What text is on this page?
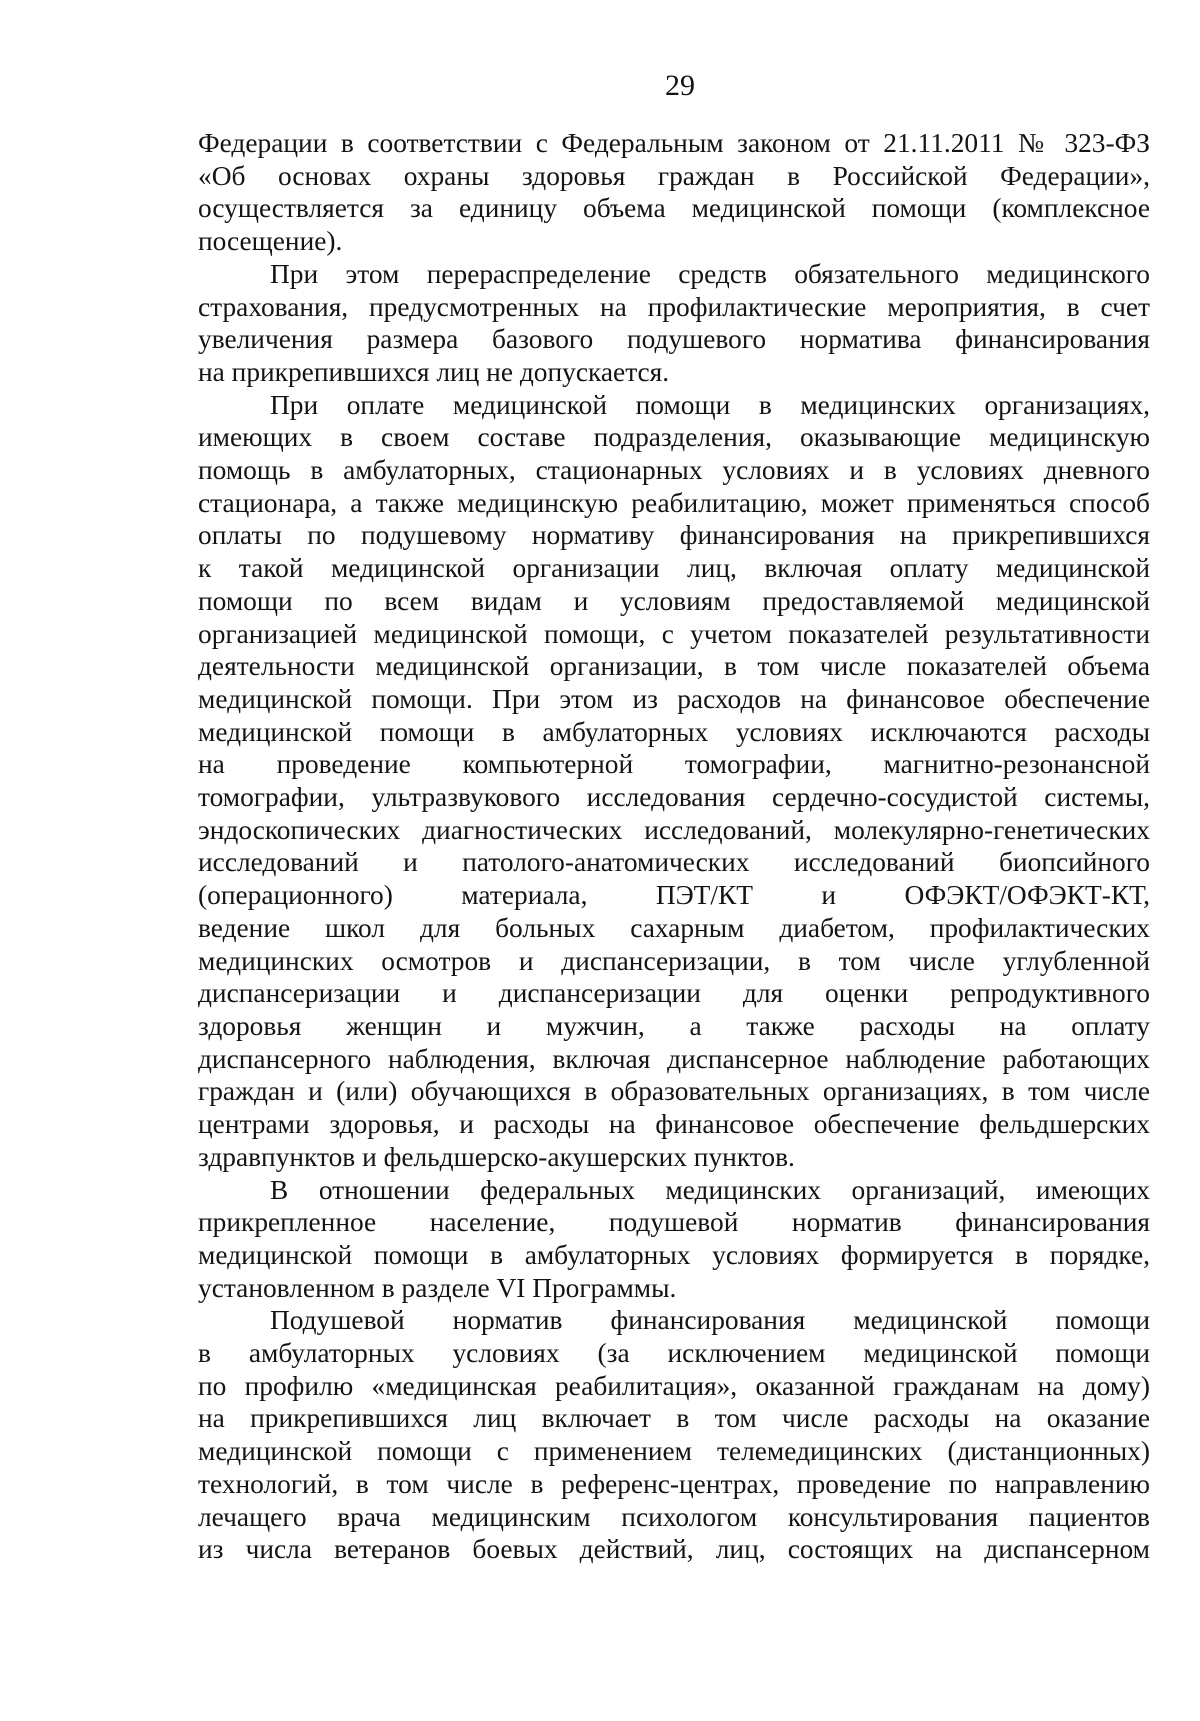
29
Федерации в соответствии с Федеральным законом от 21.11.2011 № 323-ФЗ
«Об основах охраны здоровья граждан в Российской Федерации»,
осуществляется за единицу объема медицинской помощи (комплексное
посещение).
При этом перераспределение средств обязательного медицинского
страхования, предусмотренных на профилактические мероприятия, в счет
увеличения размера базового подушевого норматива финансирования
на прикрепившихся лиц не допускается.
При оплате медицинской помощи в медицинских организациях,
имеющих в своем составе подразделения, оказывающие медицинскую
помощь в амбулаторных, стационарных условиях и в условиях дневного
стационара, а также медицинскую реабилитацию, может применяться способ
оплаты по подушевому нормативу финансирования на прикрепившихся
к такой медицинской организации лиц, включая оплату медицинской
помощи по всем видам и условиям предоставляемой медицинской
организацией медицинской помощи, с учетом показателей результативности
деятельности медицинской организации, в том числе показателей объема
медицинской помощи. При этом из расходов на финансовое обеспечение
медицинской помощи в амбулаторных условиях исключаются расходы
на проведение компьютерной томографии, магнитно-резонансной
томографии, ультразвукового исследования сердечно-сосудистой системы,
эндоскопических диагностических исследований, молекулярно-генетических
исследований и патолого-анатомических исследований биопсийного
(операционного) материала, ПЭТ/КТ и ОФЭКТ/ОФЭКТ-КТ,
ведение школ для больных сахарным диабетом, профилактических
медицинских осмотров и диспансеризации, в том числе углубленной
диспансеризации и диспансеризации для оценки репродуктивного
здоровья женщин и мужчин, а также расходы на оплату
диспансерного наблюдения, включая диспансерное наблюдение работающих
граждан и (или) обучающихся в образовательных организациях, в том числе
центрами здоровья, и расходы на финансовое обеспечение фельдшерских
здравпунктов и фельдшерско-акушерских пунктов.
В отношении федеральных медицинских организаций, имеющих
прикрепленное население, подушевой норматив финансирования
медицинской помощи в амбулаторных условиях формируется в порядке,
установленном в разделе VI Программы.
Подушевой норматив финансирования медицинской помощи
в амбулаторных условиях (за исключением медицинской помощи
по профилю «медицинская реабилитация», оказанной гражданам на дому)
на прикрепившихся лиц включает в том числе расходы на оказание
медицинской помощи с применением телемедицинских (дистанционных)
технологий, в том числе в референс-центрах, проведение по направлению
лечащего врача медицинским психологом консультирования пациентов
из числа ветеранов боевых действий, лиц, состоящих на диспансерном
